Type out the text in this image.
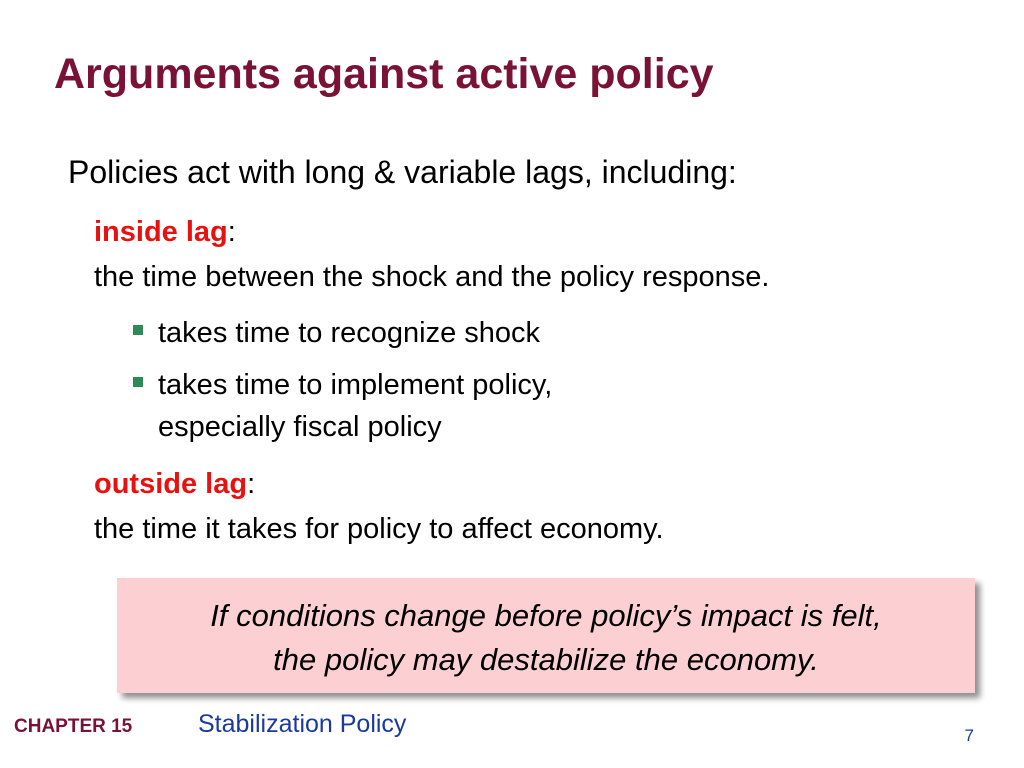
Arguments against active policy
Policies act with long & variable lags, including:
inside lag:
the time between the shock and the policy response.
takes time to recognize shock
takes time to implement policy,
especially fiscal policy
outside lag:
the time it takes for policy to affect economy.
If conditions change before policy’s impact is felt,
the policy may destabilize the economy.
CHAPTER 15	Stabilization Policy	7
